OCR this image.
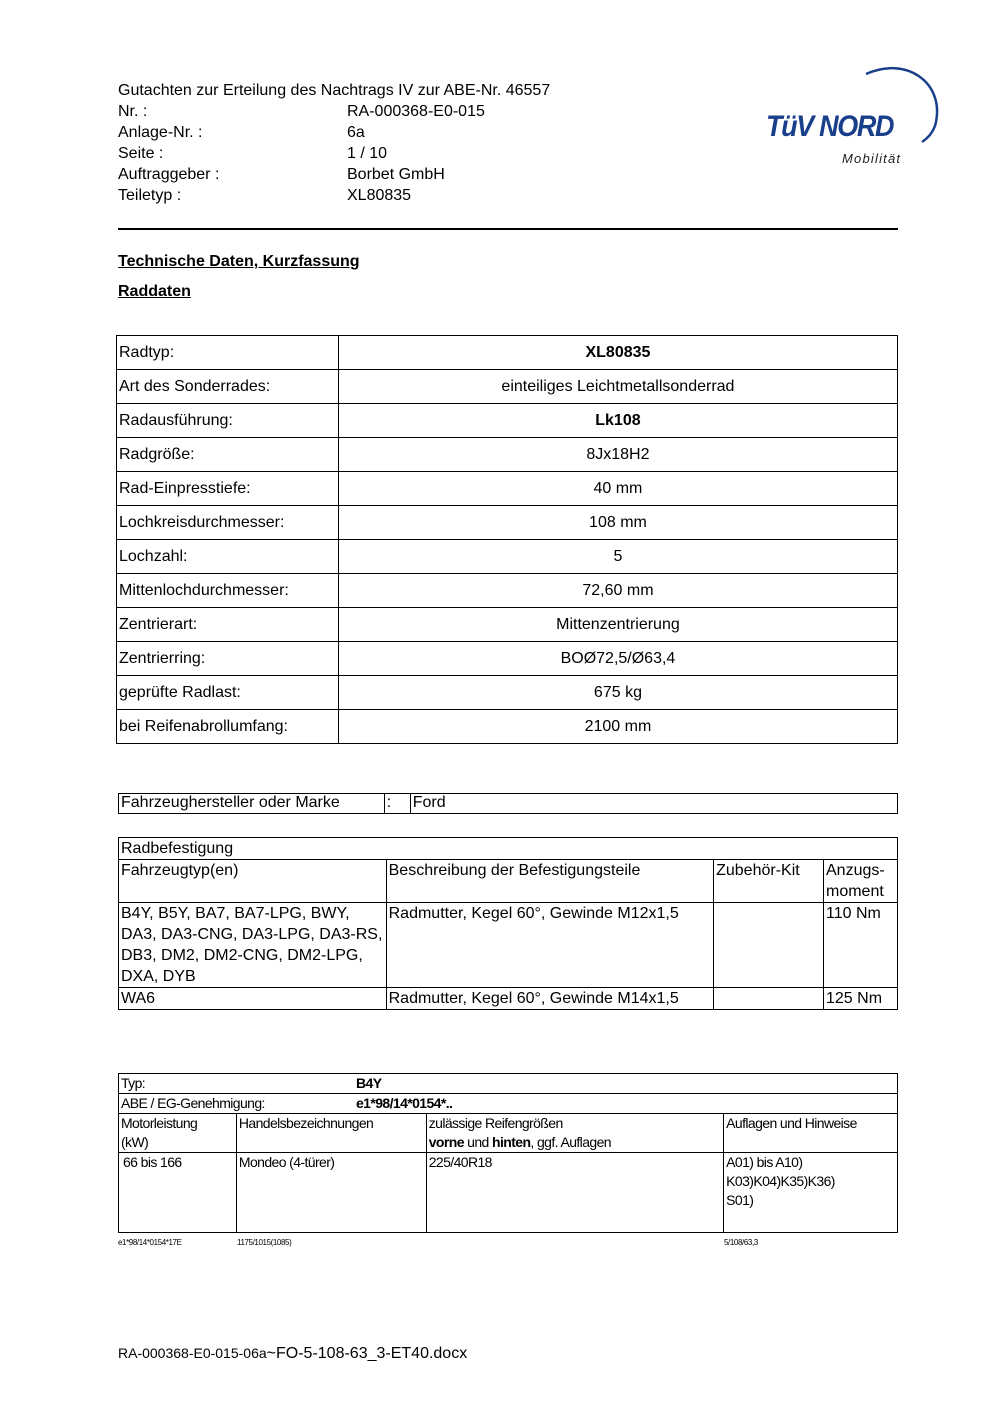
Gutachten zur Erteilung des Nachtrags IV zur ABE-Nr. 46557
Nr. :	RA-000368-E0-015
Anlage-Nr. :	6a
Seite :	1 / 10
Auftraggeber :	Borbet GmbH
Teiletyp :	XL80835
TüV NORD
Mobilität
Technische Daten, Kurzfassung
Raddaten
Radtyp:	XL80835
Art des Sonderrades:	einteiliges Leichtmetallsonderrad
Radausführung:	Lk108
Radgröße:	8Jx18H2
Rad-Einpresstiefe:	40 mm
Lochkreisdurchmesser:	108 mm
Lochzahl:	5
Mittenlochdurchmesser:	72,60 mm
Zentrierart:	Mittenzentrierung
Zentrierring:	BOØ72,5/Ø63,4
geprüfte Radlast:	675 kg
bei Reifenabrollumfang:	2100 mm
Fahrzeughersteller oder Marke	:	Ford
Radbefestigung			
Fahrzeugtyp(en)	Beschreibung der Befestigungsteile	Zubehör-Kit	Anzugs-
moment
B4Y, B5Y, BA7, BA7-LPG, BWY, DA3, DA3-CNG, DA3-LPG, DA3-RS, DB3, DM2, DM2-CNG, DM2-LPG, DXA, DYB	Radmutter, Kegel 60°, Gewinde M12x1,5		110 Nm
WA6	Radmutter, Kegel 60°, Gewinde M14x1,5		125 Nm
Typ: B4Y			

ABE / EG-Genehmigung: e1*98/14*0154*..			

Motorleistung
(kW)	Handelsbezeichnungen	zulässige Reifengrößen
vorne und hinten, ggf. Auflagen	Auflagen und Hinweise
66 bis 166	Mondeo (4-türer)	225/40R18	A01) bis A10)
K03)K04)K35)K36)
S01)
e1*98/14*0154*17E	1175/1015(1085)	5/108/63,3
RA-000368-E0-015-06a~FO-5-108-63_3-ET40.docx
